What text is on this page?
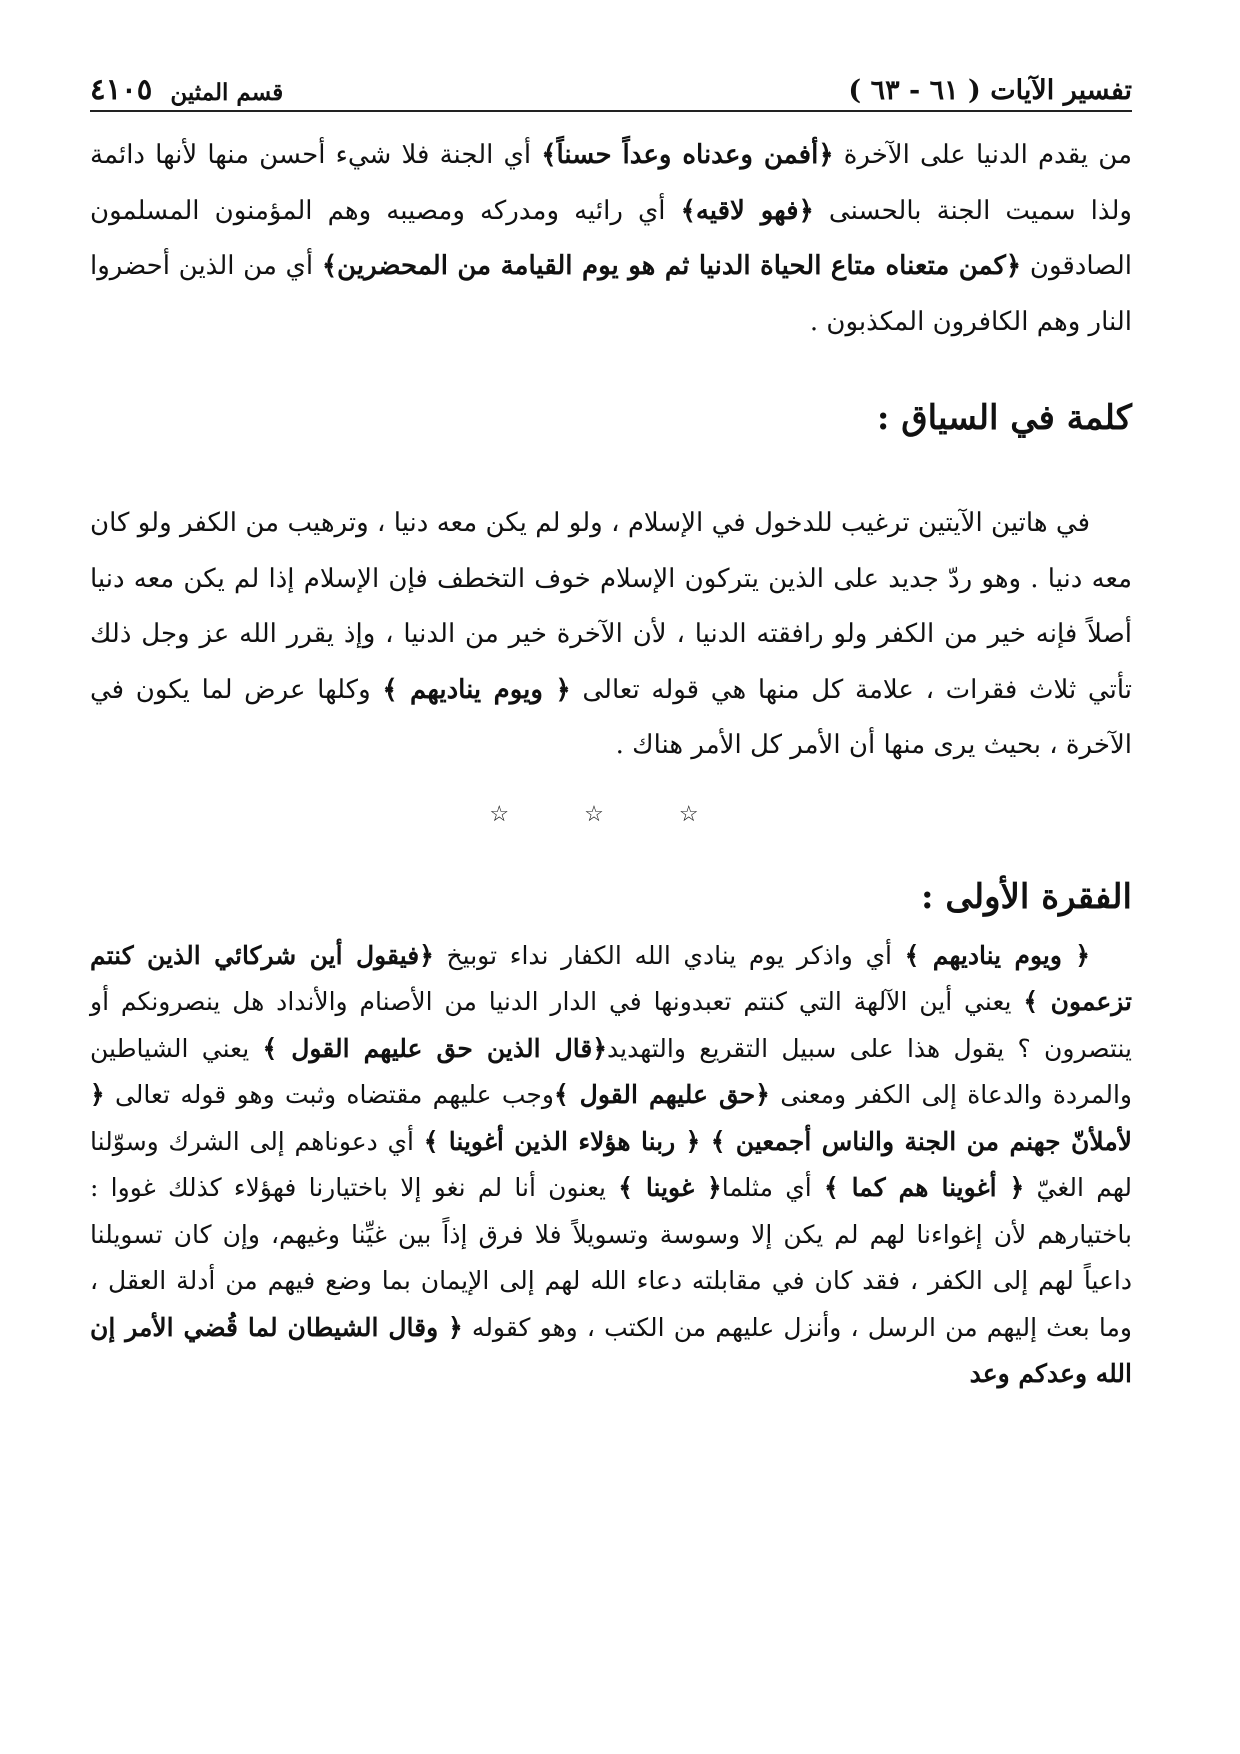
تفسير الآيات ( ٦١ - ٦٣ )
قسم المثين
٤١٠٥

من يقدم الدنيا على الآخرة ﴿أفمن وعدناه وعداً حسناً﴾ أي الجنة فلا شيء أحسن منها لأنها دائمة ولذا سميت الجنة بالحسنى ﴿فهو لاقيه﴾ أي رائيه ومدركه ومصيبه وهم المؤمنون المسلمون الصادقون ﴿كمن متعناه متاع الحياة الدنيا ثم هو يوم القيامة من المحضرين﴾ أي من الذين أحضروا النار وهم الكافرون المكذبون .

كلمة في السياق :

في هاتين الآيتين ترغيب للدخول في الإسلام ، ولو لم يكن معه دنيا ، وترهيب من الكفر ولو كان معه دنيا . وهو ردّ جديد على الذين يتركون الإسلام خوف التخطف فإن الإسلام إذا لم يكن معه دنيا أصلاً فإنه خير من الكفر ولو رافقته الدنيا ، لأن الآخرة خير من الدنيا ، وإذ يقرر الله عز وجل ذلك تأتي ثلاث فقرات ، علامة كل منها هي قوله تعالى ﴿ ويوم يناديهم ﴾ وكلها عرض لما يكون في الآخرة ، بحيث يرى منها أن الأمر كل الأمر هناك .

☆ ☆ ☆

الفقرة الأولى :

﴿ ويوم يناديهم ﴾ أي واذكر يوم ينادي الله الكفار نداء توبيخ ﴿فيقول أين شركائي الذين كنتم تزعمون ﴾ يعني أين الآلهة التي كنتم تعبدونها في الدار الدنيا من الأصنام والأنداد هل ينصرونكم أو ينتصرون ؟ يقول هذا على سبيل التقريع والتهديد﴿قال الذين حق عليهم القول ﴾ يعني الشياطين والمردة والدعاة إلى الكفر ومعنى ﴿حق عليهم القول ﴾وجب عليهم مقتضاه وثبت وهو قوله تعالى ﴿ لأملأنّ جهنم من الجنة والناس أجمعين ﴾ ﴿ ربنا هؤلاء الذين أغوينا ﴾ أي دعوناهم إلى الشرك وسوّلنا لهم الغيّ ﴿ أغوينا هم كما ﴾ أي مثلما﴿ غوينا ﴾ يعنون أنا لم نغو إلا باختيارنا فهؤلاء كذلك غووا : باختيارهم لأن إغواءنا لهم لم يكن إلا وسوسة وتسويلاً فلا فرق إذاً بين غيِّنا وغيهم، وإن كان تسويلنا داعياً لهم إلى الكفر ، فقد كان في مقابلته دعاء الله لهم إلى الإيمان بما وضع فيهم من أدلة العقل ، وما بعث إليهم من الرسل ، وأنزل عليهم من الكتب ، وهو كقوله ﴿ وقال الشيطان لما قُضي الأمر إن الله وعدكم وعد
